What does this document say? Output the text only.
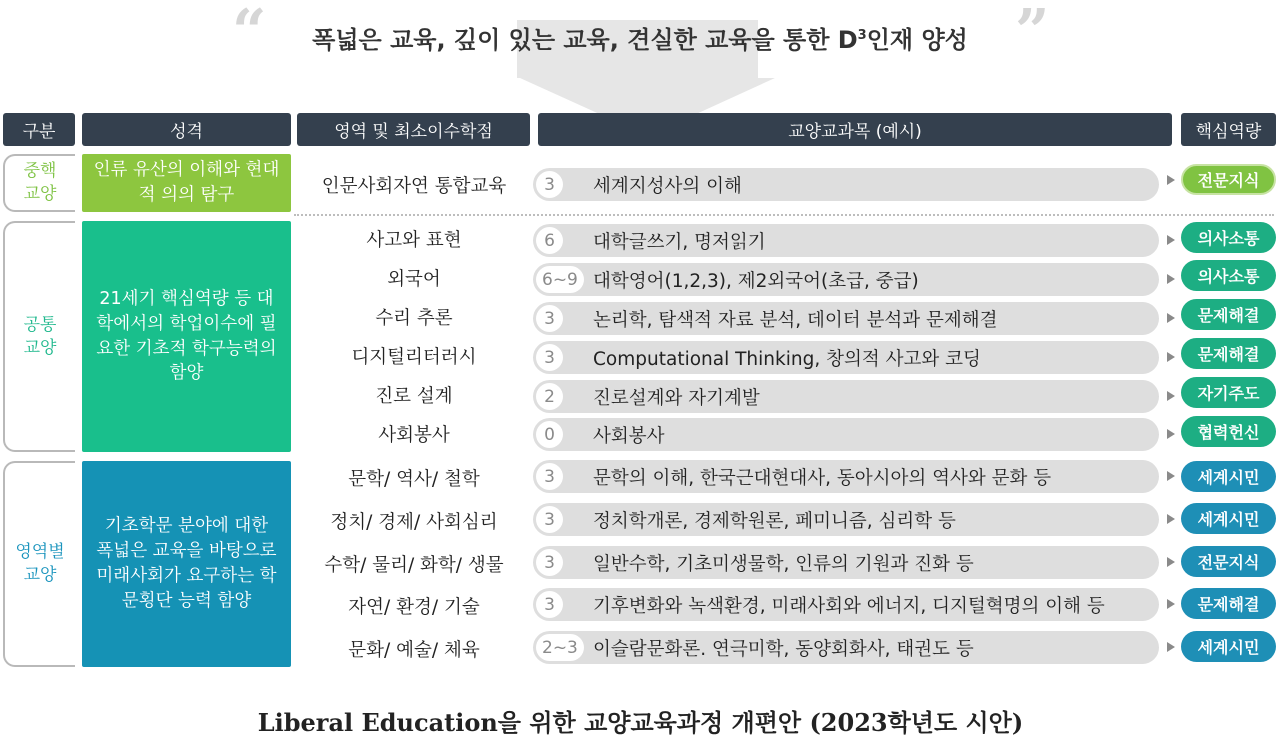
“	”
폭넓은 교육, 깊이 있는 교육, 견실한 교육을 통한 $D^3$인재 양성
구분	성격	영역 및 최소이수학점	교양교과목 (예시)	핵심역량
중핵
교양
공통
교양
영역별
교양
인류 유산의 이해와 현대적 의의 탐구
21세기 핵심역량 등 대학에서의 학업이수에 필요한 기초적 학구능력의 함양
기초학문 분야에 대한 폭넓은 교육을 바탕으로 미래사회가 요구하는 학문횡단 능력 함양
인문사회자연 통합교육	3	세계지성사의 이해	전문지식
사고와 표현	6	대학글쓰기, 명저읽기	의사소통
외국어	6~9 대학영어(1,2,3), 제2외국어(초급, 중급)	의사소통
수리 추론	3	논리학, 탐색적 자료 분석, 데이터 분석과 문제해결	문제해결
디지털리터러시	3	Computational Thinking, 창의적 사고와 코딩	문제해결
진로 설계	2	진로설계와 자기계발	자기주도
사회봉사	0	사회봉사	협력헌신
문학/ 역사/ 철학	3	문학의 이해, 한국근대현대사, 동아시아의 역사와 문화 등	세계시민
정치/ 경제/ 사회심리	3	정치학개론, 경제학원론, 페미니즘, 심리학 등	세계시민
수학/ 물리/ 화학/ 생물	3	일반수학, 기초미생물학, 인류의 기원과 진화 등	전문지식
자연/ 환경/ 기술	3	기후변화와 녹색환경, 미래사회와 에너지, 디지털혁명의 이해 등	문제해결
문화/ 예술/ 체육	2~3 이슬람문화론. 연극미학, 동양회화사, 태권도 등	세계시민
Liberal Education을 위한 교양교육과정 개편안 (2023학년도 시안)
